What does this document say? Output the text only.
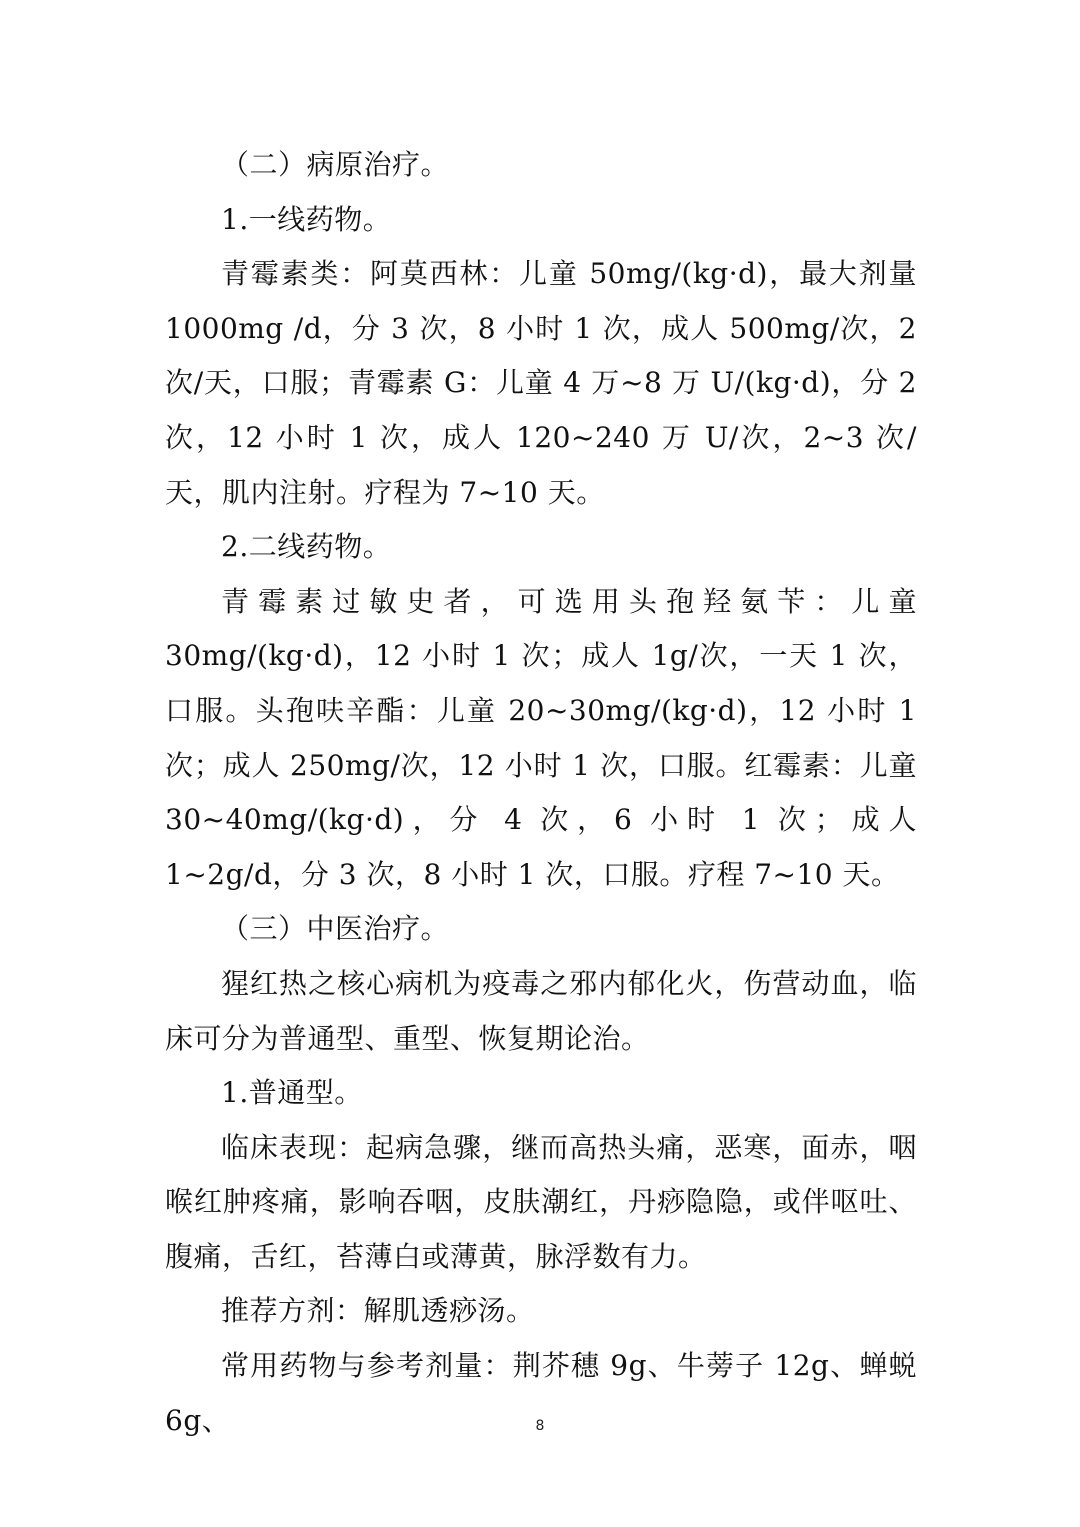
（二）病原治疗。

1.一线药物。

青霉素类：阿莫西林：儿童 50mg/(kg·d)，最大剂量 1000mg /d，分 3 次，8 小时 1 次，成人 500mg/次，2 次/天，口服；青霉素 G：儿童 4 万~8 万 U/(kg·d)，分 2 次，12 小时 1 次，成人 120~240 万 U/次，2~3 次/天，肌内注射。疗程为 7~10 天。

2.二线药物。

青霉素过敏史者，可选用头孢羟氨苄：儿童 30mg/(kg·d)，12 小时 1 次；成人 1g/次，一天 1 次，口服。头孢呋辛酯：儿童 20~30mg/(kg·d)，12 小时 1 次；成人 250mg/次，12 小时 1 次，口服。红霉素：儿童 30~40mg/(kg·d)，分 4 次，6 小时 1 次；成人 1~2g/d，分 3 次，8 小时 1 次，口服。疗程 7~10 天。

（三）中医治疗。

猩红热之核心病机为疫毒之邪内郁化火，伤营动血，临床可分为普通型、重型、恢复期论治。

1.普通型。

临床表现：起病急骤，继而高热头痛，恶寒，面赤，咽喉红肿疼痛，影响吞咽，皮肤潮红，丹痧隐隐，或伴呕吐、腹痛，舌红，苔薄白或薄黄，脉浮数有力。

推荐方剂：解肌透痧汤。

常用药物与参考剂量：荆芥穗 9g、牛蒡子 12g、蝉蜕 6g、	8
